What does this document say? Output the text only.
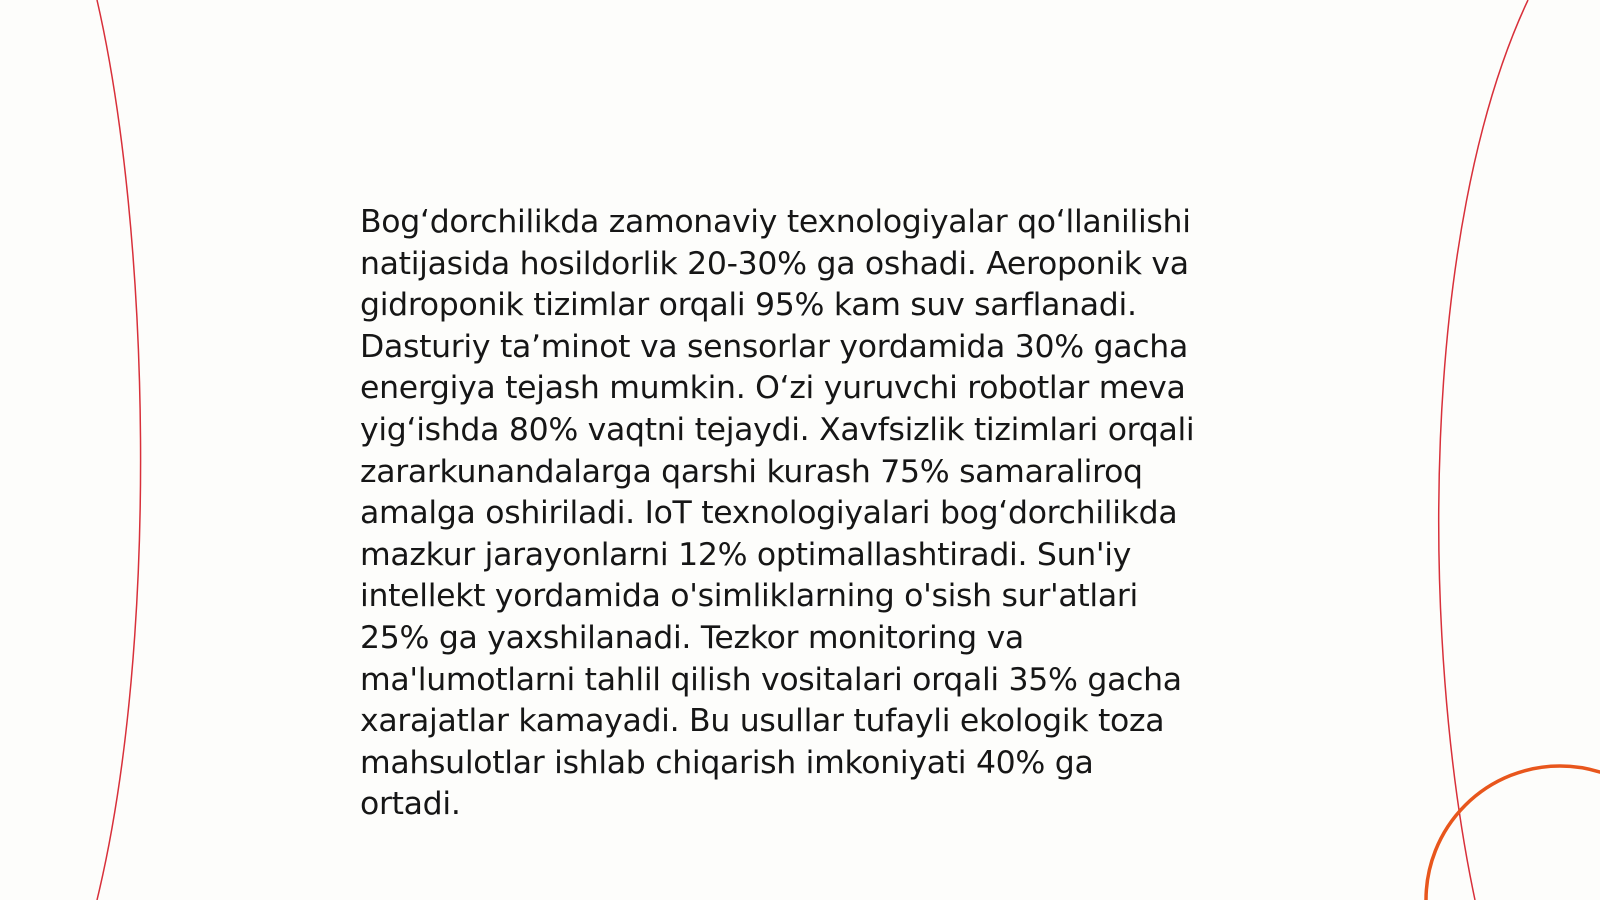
Bogʻdorchilikda zamonaviy texnologiyalar qoʻllanilishi
natijasida hosildorlik 20-30% ga oshadi. Aeroponik va
gidroponik tizimlar orqali 95% kam suv sarflanadi.
Dasturiy taʼminot va sensorlar yordamida 30% gacha
energiya tejash mumkin. Oʻzi yuruvchi robotlar meva
yigʻishda 80% vaqtni tejaydi. Xavfsizlik tizimlari orqali
zararkunandalarga qarshi kurash 75% samaraliroq
amalga oshiriladi. IoT texnologiyalari bogʻdorchilikda
mazkur jarayonlarni 12% optimallashtiradi. Sun'iy
intellekt yordamida o'simliklarning o'sish sur'atlari
25% ga yaxshilanadi. Tezkor monitoring va
ma'lumotlarni tahlil qilish vositalari orqali 35% gacha
xarajatlar kamayadi. Bu usullar tufayli ekologik toza
mahsulotlar ishlab chiqarish imkoniyati 40% ga
ortadi.
